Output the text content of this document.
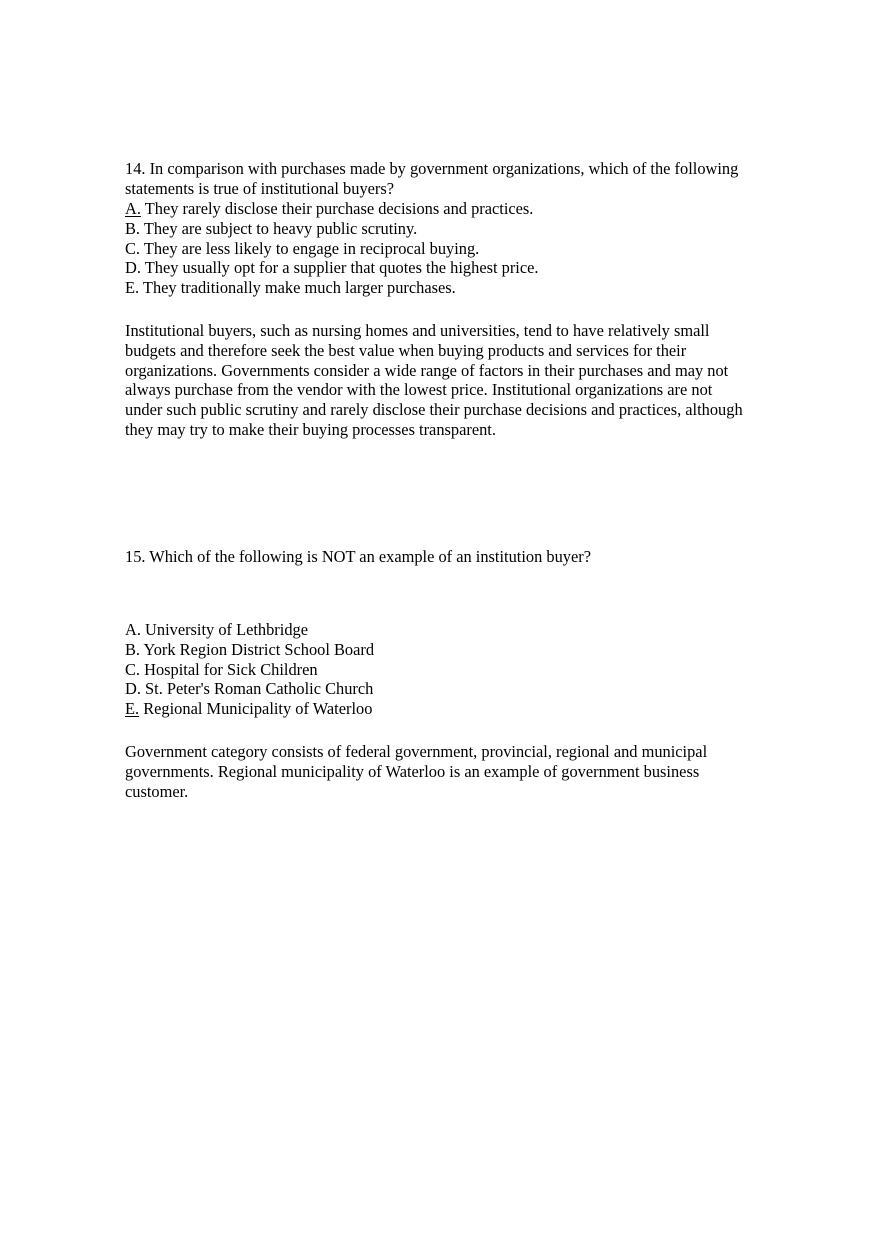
14. In comparison with purchases made by government organizations, which of the following
statements is true of institutional buyers?
A. They rarely disclose their purchase decisions and practices.
B. They are subject to heavy public scrutiny.
C. They are less likely to engage in reciprocal buying.
D. They usually opt for a supplier that quotes the highest price.
E. They traditionally make much larger purchases.
Institutional buyers, such as nursing homes and universities, tend to have relatively small
budgets and therefore seek the best value when buying products and services for their
organizations. Governments consider a wide range of factors in their purchases and may not
always purchase from the vendor with the lowest price. Institutional organizations are not
under such public scrutiny and rarely disclose their purchase decisions and practices, although
they may try to make their buying processes transparent.
15. Which of the following is NOT an example of an institution buyer?
A. University of Lethbridge
B. York Region District School Board
C. Hospital for Sick Children
D. St. Peter's Roman Catholic Church
E. Regional Municipality of Waterloo
Government category consists of federal government, provincial, regional and municipal
governments. Regional municipality of Waterloo is an example of government business
customer.
